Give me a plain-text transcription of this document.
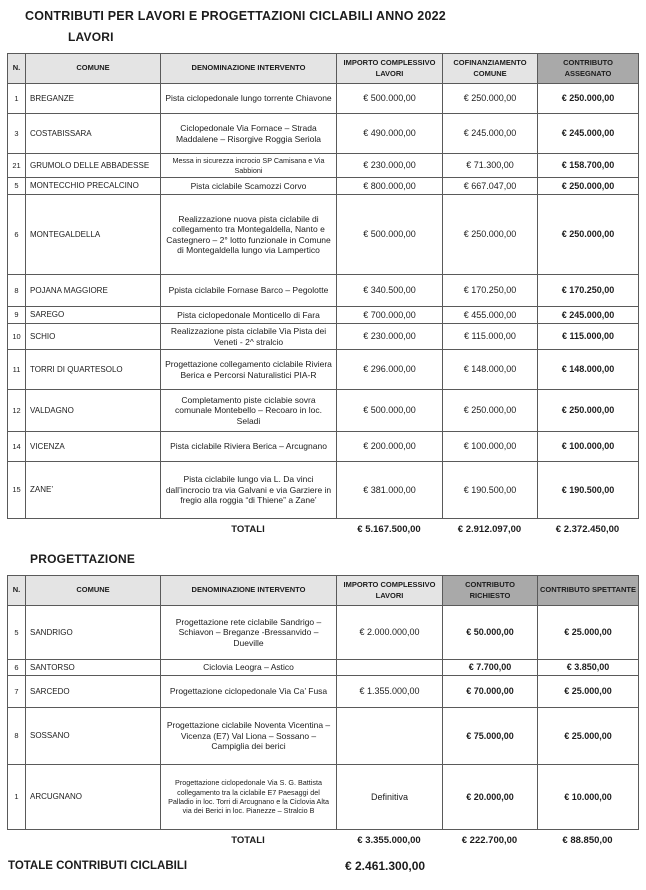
CONTRIBUTI PER LAVORI E PROGETTAZIONI CICLABILI ANNO 2022
LAVORI
N.	COMUNE	DENOMINAZIONE INTERVENTO	IMPORTO COMPLESSIVO LAVORI	COFINANZIAMENTO COMUNE	CONTRIBUTO ASSEGNATO
1	BREGANZE	Pista ciclopedonale lungo torrente Chiavone	€ 500.000,00	€ 250.000,00	€ 250.000,00
3	COSTABISSARA	Ciclopedonale Via Fornace – Strada Maddalene – Risorgive Roggia Seriola	€ 490.000,00	€ 245.000,00	€ 245.000,00
21	GRUMOLO DELLE ABBADESSE	Messa in sicurezza incrocio SP Camisana e Via Sabbioni	€ 230.000,00	€ 71.300,00	€ 158.700,00
5	MONTECCHIO PRECALCINO	Pista ciclabile Scamozzi Corvo	€ 800.000,00	€ 667.047,00	€ 250.000,00
6	MONTEGALDELLA	Realizzazione nuova pista ciclabile di collegamento tra Montegaldella, Nanto e Castegnero – 2° lotto funzionale in Comune di Montegaldella lungo via Lampertico	€ 500.000,00	€ 250.000,00	€ 250.000,00
8	POJANA MAGGIORE	Ppista ciclabile Fornase Barco – Pegolotte	€ 340.500,00	€ 170.250,00	€ 170.250,00
9	SAREGO	Pista ciclopedonale Monticello di Fara	€ 700.000,00	€ 455.000,00	€ 245.000,00
10	SCHIO	Realizzazione pista ciclabile Via Pista dei Veneti - 2^ stralcio	€ 230.000,00	€ 115.000,00	€ 115.000,00
11	TORRI DI QUARTESOLO	Progettazione collegamento ciclabile Riviera Berica e Percorsi Naturalistici PIA-R	€ 296.000,00	€ 148.000,00	€ 148.000,00
12	VALDAGNO	Completamento piste ciclabie sovra comunale Montebello – Recoaro in loc. Seladi	€ 500.000,00	€ 250.000,00	€ 250.000,00
14	VICENZA	Pista ciclabile Riviera Berica – Arcugnano	€ 200.000,00	€ 100.000,00	€ 100.000,00
15	ZANE’	Pista ciclabile lungo via L. Da vinci dall’incrocio tra via Galvani e via Garziere in fregio alla roggia “di Thiene” a Zane’	€ 381.000,00	€ 190.500,00	€ 190.500,00
TOTALI	€ 5.167.500,00	€ 2.912.097,00	€ 2.372.450,00
PROGETTAZIONE
N.	COMUNE	DENOMINAZIONE INTERVENTO	IMPORTO COMPLESSIVO LAVORI	CONTRIBUTO RICHIESTO	CONTRIBUTO SPETTANTE
5	SANDRIGO	Progettazione rete ciclabile Sandrigo – Schiavon – Breganze -Bressanvido – Dueville	€ 2.000.000,00	€ 50.000,00	€ 25.000,00
6	SANTORSO	Ciclovia Leogra – Astico		€ 7.700,00	€ 3.850,00
7	SARCEDO	Progettazione ciclopedonale Via Ca’ Fusa	€ 1.355.000,00	€ 70.000,00	€ 25.000,00
8	SOSSANO	Progettazione ciclabile Noventa Vicentina – Vicenza (E7) Val Liona – Sossano – Campiglia dei berici		€ 75.000,00	€ 25.000,00
1	ARCUGNANO	Progettazione ciclopedonale Via S. G. Battista collegamento tra la ciclabile E7 Paesaggi del Palladio in loc. Torri di Arcugnano e la Ciclovia Alta via dei Berici in loc. Pianezze – Stralcio B	Definitiva	€ 20.000,00	€ 10.000,00
TOTALI	€ 3.355.000,00	€ 222.700,00	€ 88.850,00
TOTALE CONTRIBUTI CICLABILI	€ 2.461.300,00
